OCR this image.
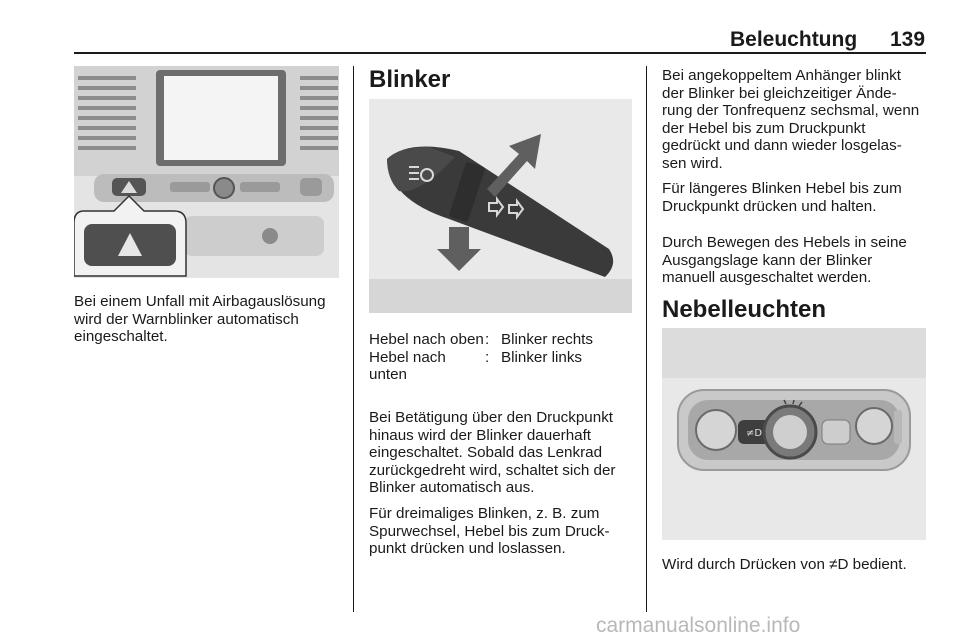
Beleuchtung 139

Bei einem Unfall mit Airbagauslösung wird der Warnblinker automatisch eingeschaltet.

Blinker
Hebel nach oben	:	Blinker rechts
Hebel nach unten	:	Blinker links

Bei Betätigung über den Druckpunkt hinaus wird der Blinker dauerhaft eingeschaltet. Sobald das Lenkrad zurückgedreht wird, schaltet sich der Blinker automatisch aus.

Für dreimaliges Blinken, z. B. zum Spurwechsel, Hebel bis zum Druck- punkt drücken und loslassen.

Bei angekoppeltem Anhänger blinkt der Blinker bei gleichzeitiger Ände- rung der Tonfrequenz sechsmal, wenn der Hebel bis zum Druckpunkt gedrückt und dann wieder losgelas- sen wird.

Für längeres Blinken Hebel bis zum Druckpunkt drücken und halten.

Durch Bewegen des Hebels in seine Ausgangslage kann der Blinker manuell ausgeschaltet werden.

Nebelleuchten
≠D

Wird durch Drücken von ≠D bedient.

carmanualsonline.info
